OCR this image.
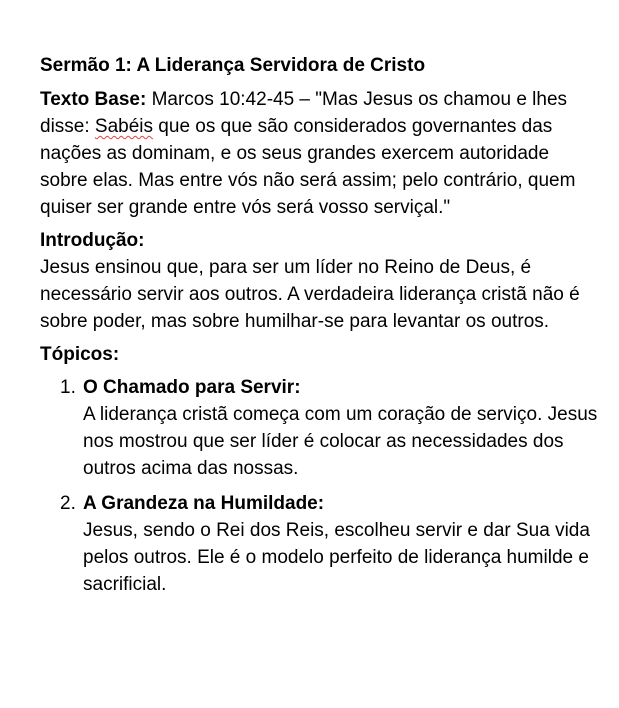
Sermão 1: A Liderança Servidora de Cristo

Texto Base: Marcos 10:42-45 – "Mas Jesus os chamou e lhes disse: Sabéis que os que são considerados governantes das nações as dominam, e os seus grandes exercem autoridade sobre elas. Mas entre vós não será assim; pelo contrário, quem quiser ser grande entre vós será vosso serviçal."

Introdução:
Jesus ensinou que, para ser um líder no Reino de Deus, é necessário servir aos outros. A verdadeira liderança cristã não é sobre poder, mas sobre humilhar-se para levantar os outros.
Tópicos:
1. O Chamado para Servir:
A liderança cristã começa com um coração de serviço. Jesus nos mostrou que ser líder é colocar as necessidades dos outros acima das nossas.
2. A Grandeza na Humildade:
Jesus, sendo o Rei dos Reis, escolheu servir e dar Sua vida pelos outros. Ele é o modelo perfeito de liderança humilde e sacrificial.
